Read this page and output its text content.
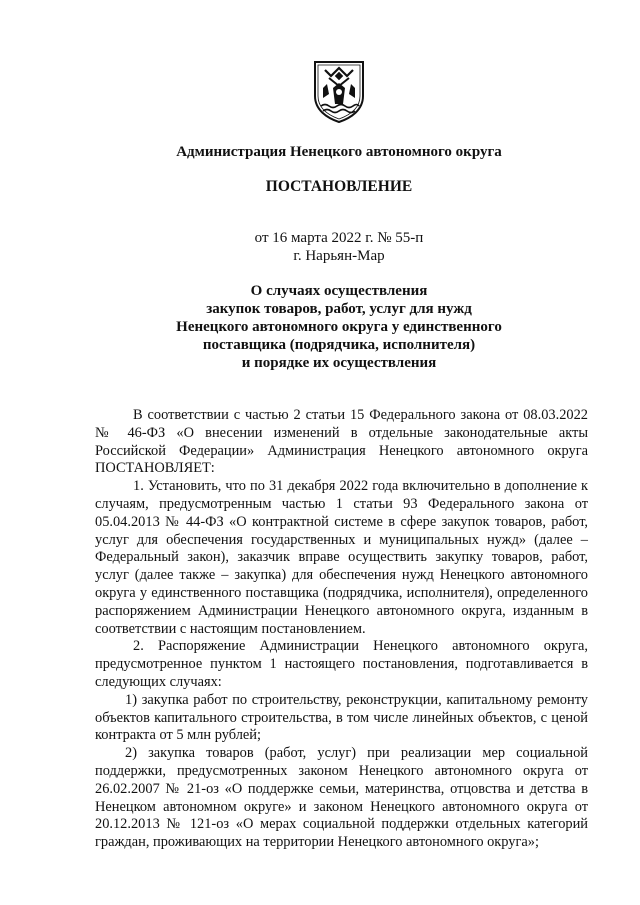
Администрация Ненецкого автономного округа
ПОСТАНОВЛЕНИЕ
от 16 марта 2022 г. № 55-п
г. Нарьян-Мар
О случаях осуществления
закупок товаров, работ, услуг для нужд
Ненецкого автономного округа у единственного
поставщика (подрядчика, исполнителя)
и порядке их осуществления

В соответствии с частью 2 статьи 15 Федерального закона от 08.03.2022 № 46-ФЗ «О внесении изменений в отдельные законодательные акты Российской Федерации» Администрация Ненецкого автономного округа ПОСТАНОВЛЯЕТ:

1. Установить, что по 31 декабря 2022 года включительно в дополнение к случаям, предусмотренным частью 1 статьи 93 Федерального закона от 05.04.2013 № 44-ФЗ «О контрактной системе в сфере закупок товаров, работ, услуг для обеспечения государственных и муниципальных нужд» (далее – Федеральный закон), заказчик вправе осуществить закупку товаров, работ, услуг (далее также – закупка) для обеспечения нужд Ненецкого автономного округа у единственного поставщика (подрядчика, исполнителя), определенного распоряжением Администрации Ненецкого автономного округа, изданным в соответствии с настоящим постановлением.

2. Распоряжение Администрации Ненецкого автономного округа, предусмотренное пунктом 1 настоящего постановления, подготавливается в следующих случаях:

1) закупка работ по строительству, реконструкции, капитальному ремонту объектов капитального строительства, в том числе линейных объектов, с ценой контракта от 5 млн рублей;

2) закупка товаров (работ, услуг) при реализации мер социальной поддержки, предусмотренных законом Ненецкого автономного округа от 26.02.2007 № 21-оз «О поддержке семьи, материнства, отцовства и детства в Ненецком автономном округе» и законом Ненецкого автономного округа от 20.12.2013 № 121-оз «О мерах социальной поддержки отдельных категорий граждан, проживающих на территории Ненецкого автономного округа»;
